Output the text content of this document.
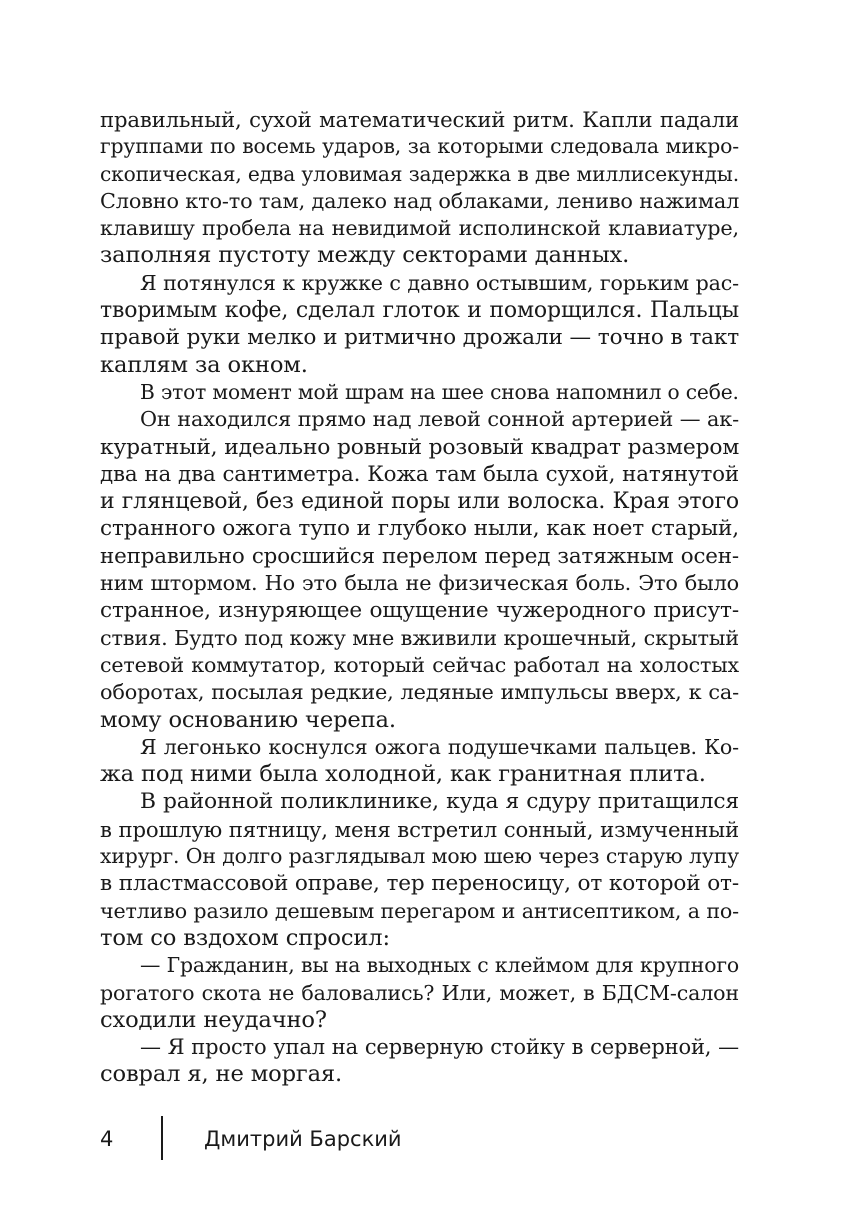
правильный, сухой математический ритм. Капли падали
группами по восемь ударов, за которыми следовала микро-
скопическая, едва уловимая задержка в две миллисекунды.
Словно кто-то там, далеко над облаками, лениво нажимал
клавишу пробела на невидимой исполинской клавиатуре,
заполняя пустоту между секторами данных.
Я потянулся к кружке с давно остывшим, горьким рас-
творимым кофе, сделал глоток и поморщился. Пальцы
правой руки мелко и ритмично дрожали — точно в такт
каплям за окном.
В этот момент мой шрам на шее снова напомнил о себе.
Он находился прямо над левой сонной артерией — ак-
куратный, идеально ровный розовый квадрат размером
два на два сантиметра. Кожа там была сухой, натянутой
и глянцевой, без единой поры или волоска. Края этого
странного ожога тупо и глубоко ныли, как ноет старый,
неправильно сросшийся перелом перед затяжным осен-
ним штормом. Но это была не физическая боль. Это было
странное, изнуряющее ощущение чужеродного присут-
ствия. Будто под кожу мне вживили крошечный, скрытый
сетевой коммутатор, который сейчас работал на холостых
оборотах, посылая редкие, ледяные импульсы вверх, к са-
мому основанию черепа.
Я легонько коснулся ожога подушечками пальцев. Ко-
жа под ними была холодной, как гранитная плита.
В районной поликлинике, куда я сдуру притащился
в прошлую пятницу, меня встретил сонный, измученный
хирург. Он долго разглядывал мою шею через старую лупу
в пластмассовой оправе, тер переносицу, от которой от-
четливо разило дешевым перегаром и антисептиком, а по-
том со вздохом спросил:
— Гражданин, вы на выходных с клеймом для крупного
рогатого скота не баловались? Или, может, в БДСМ-салон
сходили неудачно?
— Я просто упал на серверную стойку в серверной, —
соврал я, не моргая.
4	Дмитрий Барский
